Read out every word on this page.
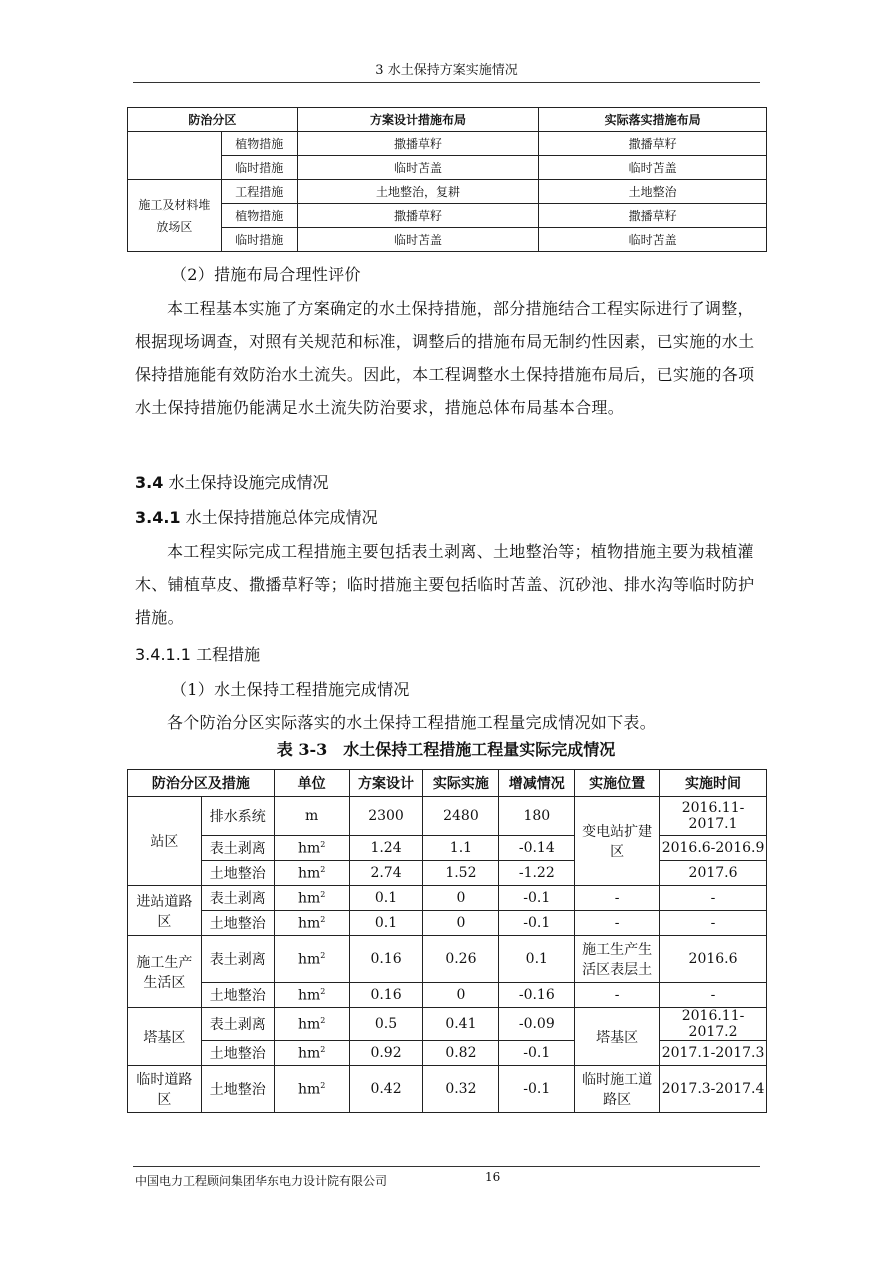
3 水土保持方案实施情况
防治分区		方案设计措施布局	实际落实措施布局
	植物措施	撒播草籽	撒播草籽
	临时措施	临时苫盖	临时苫盖
施工及材料堆放场区	工程措施	土地整治，复耕	土地整治
	植物措施	撒播草籽	撒播草籽
	临时措施	临时苫盖	临时苫盖
（2）措施布局合理性评价
本工程基本实施了方案确定的水土保持措施，部分措施结合工程实际进行了调整，根据现场调查，对照有关规范和标准，调整后的措施布局无制约性因素，已实施的水土保持措施能有效防治水土流失。因此，本工程调整水土保持措施布局后，已实施的各项水土保持措施仍能满足水土流失防治要求，措施总体布局基本合理。
3.4 水土保持设施完成情况
3.4.1 水土保持措施总体完成情况
本工程实际完成工程措施主要包括表土剥离、土地整治等；植物措施主要为栽植灌木、铺植草皮、撒播草籽等；临时措施主要包括临时苫盖、沉砂池、排水沟等临时防护措施。
3.4.1.1 工程措施
（1）水土保持工程措施完成情况
各个防治分区实际落实的水土保持工程措施工程量完成情况如下表。
表 3-3　水土保持工程措施工程量实际完成情况
防治分区及措施		单位	方案设计	实际实施	增减情况	实施位置	实施时间
站区	排水系统	m	2300	2480	180	变电站扩建区	2016.11-2017.1
	表土剥离	$hm^2$	1.24	1.1	-0.14		2016.6-2016.9
	土地整治	$hm^2$	2.74	1.52	-1.22		2017.6
进站道路区	表土剥离	$hm^2$	0.1	0	-0.1	-	-
	土地整治	$hm^2$	0.1	0	-0.1	-	-
施工生产生活区	表土剥离	$hm^2$	0.16	0.26	0.1	施工生产生活区表层土	2016.6
	土地整治	$hm^2$	0.16	0	-0.16	-	-
塔基区	表土剥离	$hm^2$	0.5	0.41	-0.09	塔基区	2016.11-2017.2
	土地整治	$hm^2$	0.92	0.82	-0.1		2017.1-2017.3
临时道路区	土地整治	$hm^2$	0.42	0.32	-0.1	临时施工道路区	2017.3-2017.4
中国电力工程顾问集团华东电力设计院有限公司	16
